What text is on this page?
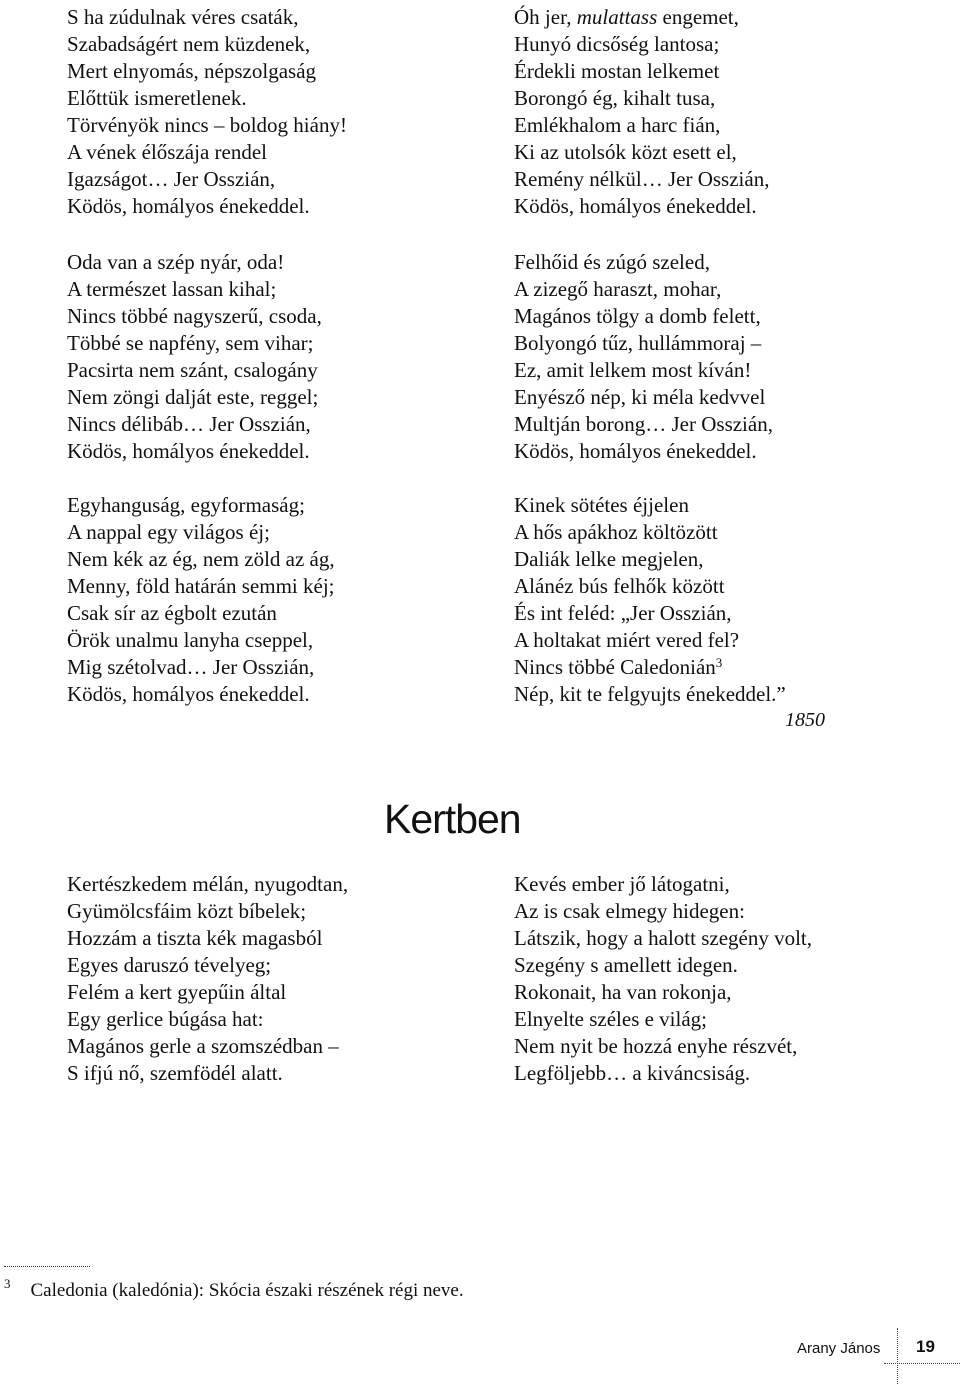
S ha zúdulnak véres csaták,
Szabadságért nem küzdenek,
Mert elnyomás, népszolgaság
Előttük ismeretlenek.
Törvényök nincs – boldog hiány!
A vének élőszája rendel
Igazságot… Jer Osszián,
Ködös, homályos énekeddel.

Oda van a szép nyár, oda!
A természet lassan kihal;
Nincs többé nagyszerű, csoda,
Többé se napfény, sem vihar;
Pacsirta nem szánt, csalogány
Nem zöngi dalját este, reggel;
Nincs délibáb… Jer Osszián,
Ködös, homályos énekeddel.

Egyhanguság, egyformaság;
A nappal egy világos éj;
Nem kék az ég, nem zöld az ág,
Menny, föld határán semmi kéj;
Csak sír az égbolt ezután
Örök unalmu lanyha cseppel,
Mig szétolvad… Jer Osszián,
Ködös, homályos énekeddel.

Óh jer, mulattass engemet,
Hunyó dicsőség lantosa;
Érdekli mostan lelkemet
Borongó ég, kihalt tusa,
Emlékhalom a harc fián,
Ki az utolsók közt esett el,
Remény nélkül… Jer Osszián,
Ködös, homályos énekeddel.

Felhőid és zúgó szeled,
A zizegő haraszt, mohar,
Magános tölgy a domb felett,
Bolyongó tűz, hullámmoraj –
Ez, amit lelkem most kíván!
Enyésző nép, ki méla kedvvel
Multján borong… Jer Osszián,
Ködös, homályos énekeddel.

Kinek sötétes éjjelen
A hős apákhoz költözött
Daliák lelke megjelen,
Alánéz bús felhők között
És int feléd: „Jer Osszián,
A holtakat miért vered fel?
Nincs többé Caledonián$^3$
Nép, kit te felgyujts énekeddel.”

1850
Kertben

Kertészkedem mélán, nyugodtan,
Gyümölcsfáim közt bíbelek;
Hozzám a tiszta kék magasból
Egyes daruszó tévelyeg;
Felém a kert gyepűin által
Egy gerlice búgása hat:
Magános gerle a szomszédban –
S ifjú nő, szemfödél alatt.

Kevés ember jő látogatni,
Az is csak elmegy hidegen:
Látszik, hogy a halott szegény volt,
Szegény s amellett idegen.
Rokonait, ha van rokonja,
Elnyelte széles e világ;
Nem nyit be hozzá enyhe részvét,
Legföljebb… a kiváncsiság.

$^3$ Caledonia (kaledónia): Skócia északi részének régi neve.
Arany János 19
